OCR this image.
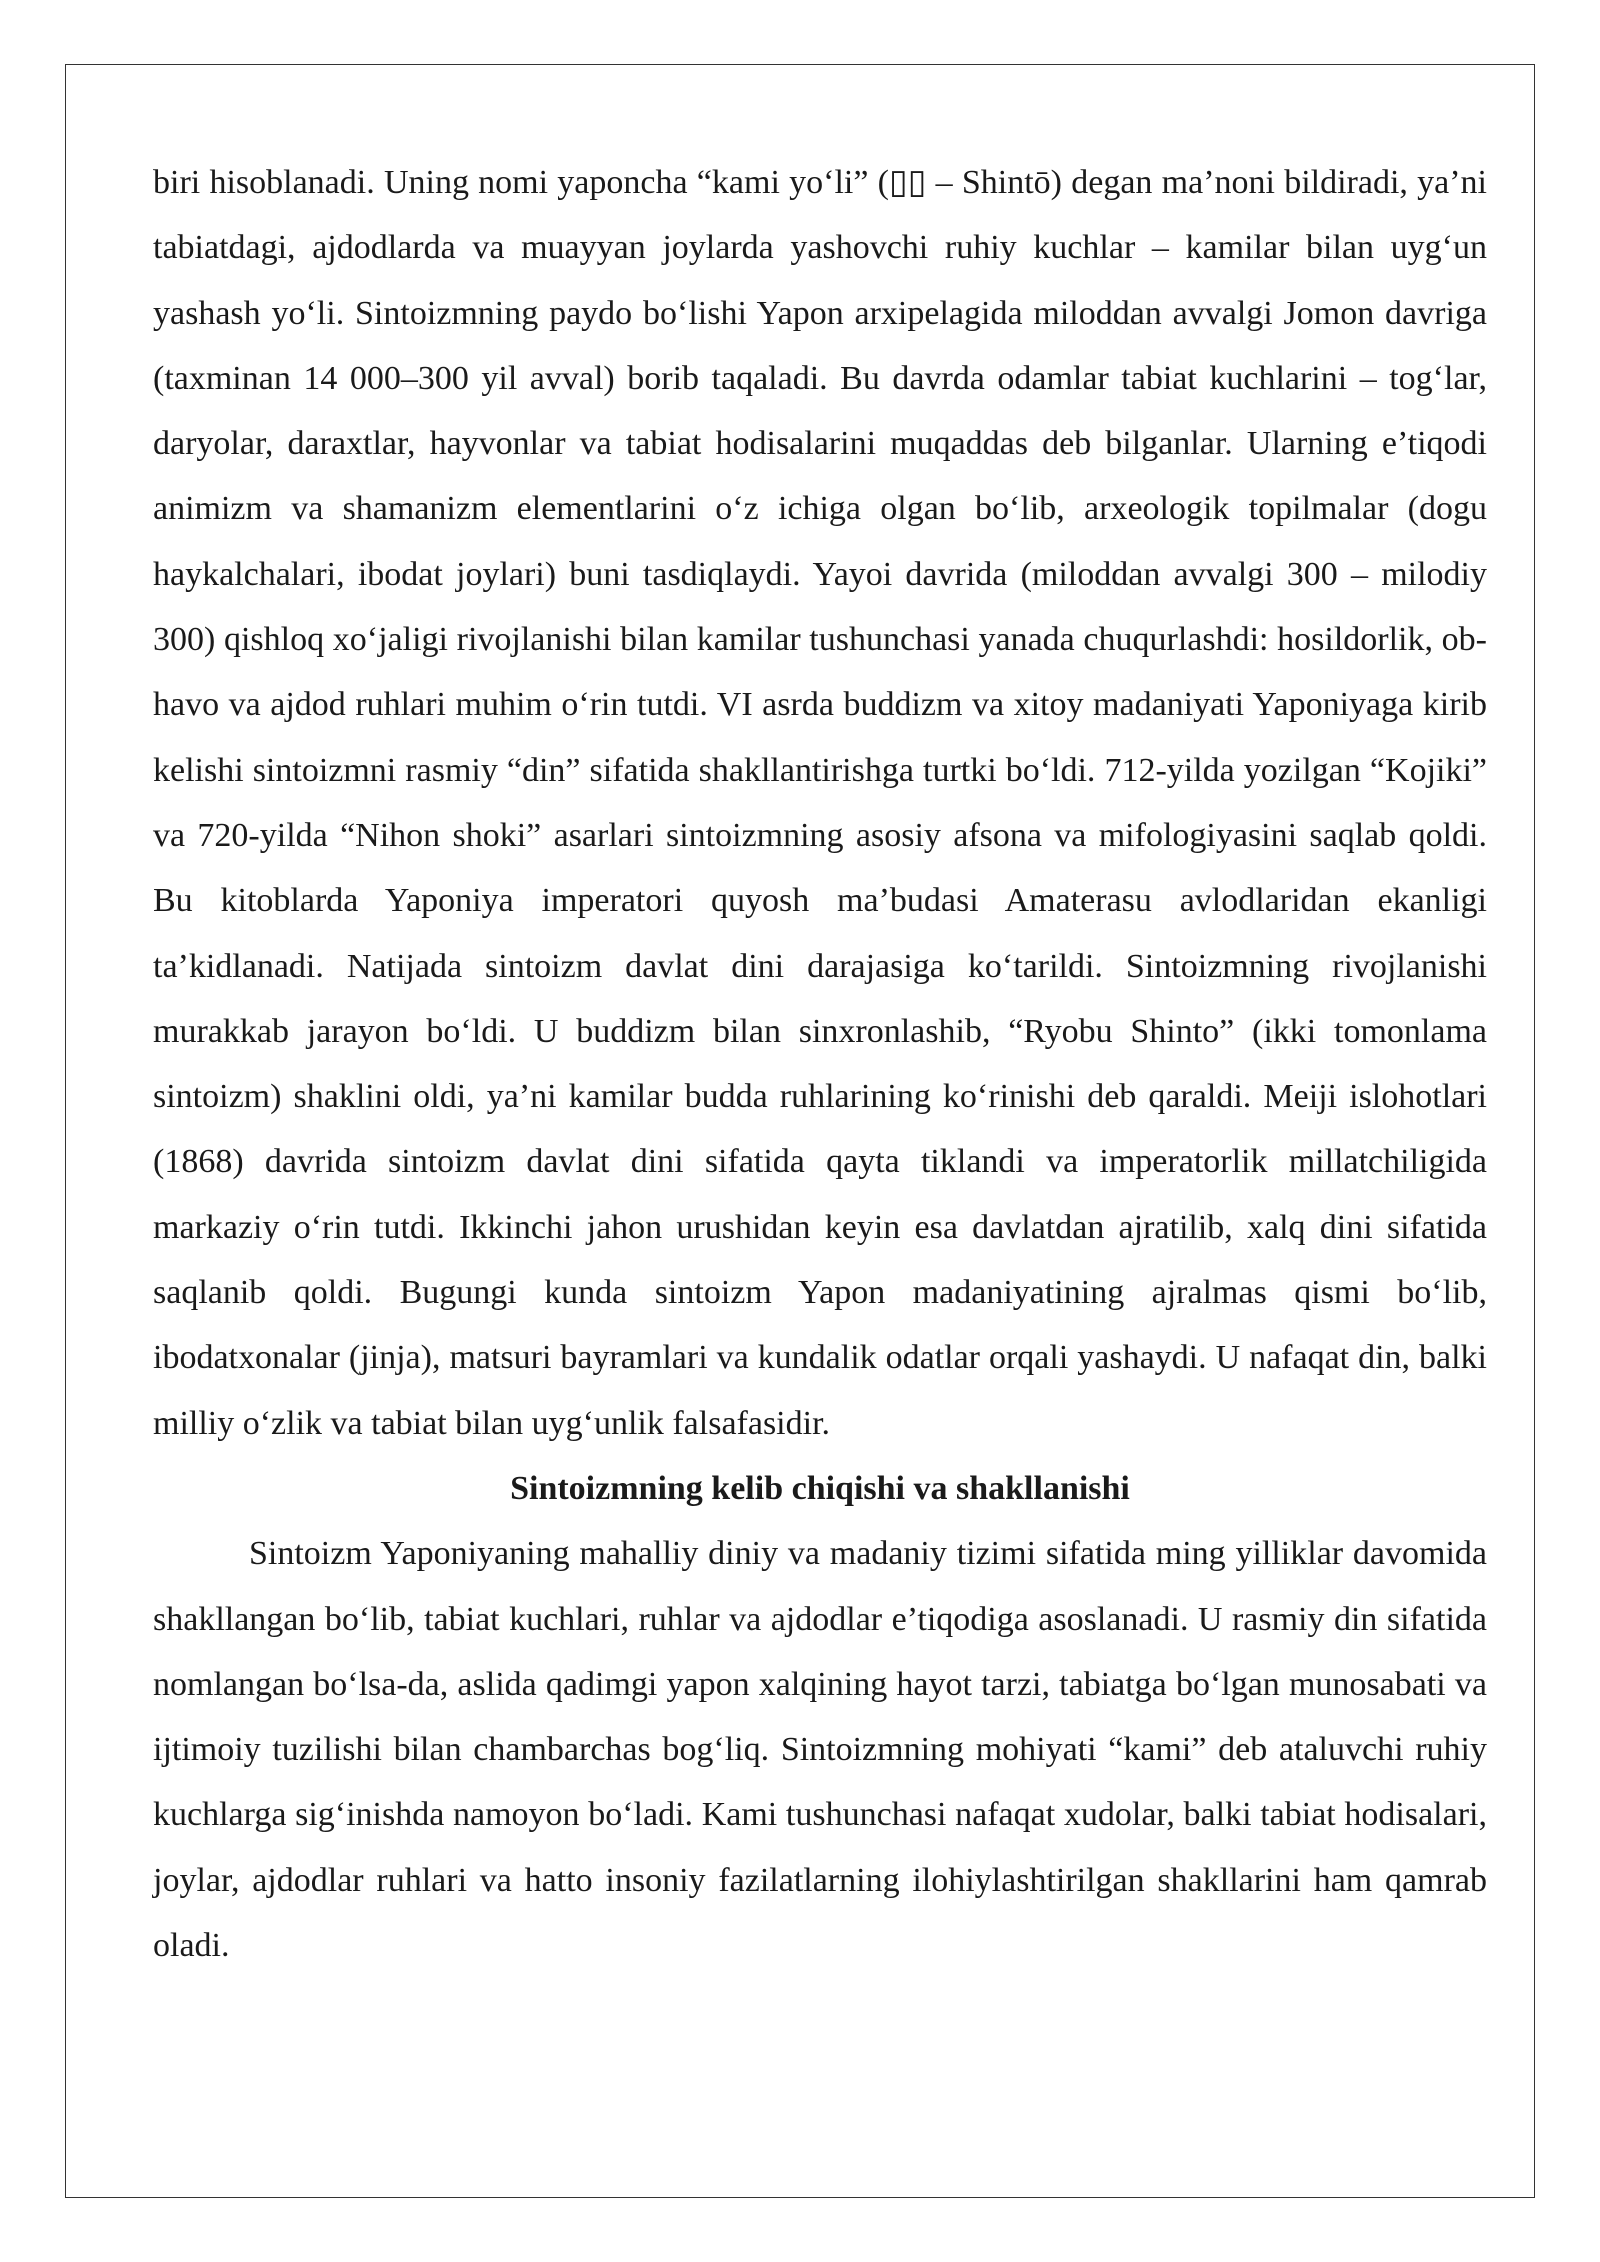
biri hisoblanadi. Uning nomi yaponcha “kami yo‘li” (▯▯ – Shintō) degan ma’noni bildiradi, ya’ni tabiatdagi, ajdodlarda va muayyan joylarda yashovchi ruhiy kuchlar – kamilar bilan uyg‘un yashash yo‘li. Sintoizmning paydo bo‘lishi Yapon arxipelagida miloddan avvalgi Jomon davriga (taxminan 14 000–300 yil avval) borib taqaladi. Bu davrda odamlar tabiat kuchlarini – tog‘lar, daryolar, daraxtlar, hayvonlar va tabiat hodisalarini muqaddas deb bilganlar. Ularning e’tiqodi animizm va shamanizm elementlarini o‘z ichiga olgan bo‘lib, arxeologik topilmalar (dogu haykalchalari, ibodat joylari) buni tasdiqlaydi. Yayoi davrida (miloddan avvalgi 300 – milodiy 300) qishloq xo‘jaligi rivojlanishi bilan kamilar tushunchasi yanada chuqurlashdi: hosildorlik, ob-havo va ajdod ruhlari muhim o‘rin tutdi. VI asrda buddizm va xitoy madaniyati Yaponiyaga kirib kelishi sintoizmni rasmiy “din” sifatida shakllantirishga turtki bo‘ldi. 712-yilda yozilgan “Kojiki” va 720-yilda “Nihon shoki” asarlari sintoizmning asosiy afsona va mifologiyasini saqlab qoldi. Bu kitoblarda Yaponiya imperatori quyosh ma’budasi Amaterasu avlodlaridan ekanligi ta’kidlanadi. Natijada sintoizm davlat dini darajasiga ko‘tarildi. Sintoizmning rivojlanishi murakkab jarayon bo‘ldi. U buddizm bilan sinxronlashib, “Ryobu Shinto” (ikki tomonlama sintoizm) shaklini oldi, ya’ni kamilar budda ruhlarining ko‘rinishi deb qaraldi. Meiji islohotlari (1868) davrida sintoizm davlat dini sifatida qayta tiklandi va imperatorlik millatchiligida markaziy o‘rin tutdi. Ikkinchi jahon urushidan keyin esa davlatdan ajratilib, xalq dini sifatida saqlanib qoldi. Bugungi kunda sintoizm Yapon madaniyatining ajralmas qismi bo‘lib, ibodatxonalar (jinja), matsuri bayramlari va kundalik odatlar orqali yashaydi. U nafaqat din, balki milliy o‘zlik va tabiat bilan uyg‘unlik falsafasidir.

Sintoizmning kelib chiqishi va shakllanishi

Sintoizm Yaponiyaning mahalliy diniy va madaniy tizimi sifatida ming yilliklar davomida shakllangan bo‘lib, tabiat kuchlari, ruhlar va ajdodlar e’tiqodiga asoslanadi. U rasmiy din sifatida nomlangan bo‘lsa-da, aslida qadimgi yapon xalqining hayot tarzi, tabiatga bo‘lgan munosabati va ijtimoiy tuzilishi bilan chambarchas bog‘liq. Sintoizmning mohiyati “kami” deb ataluvchi ruhiy kuchlarga sig‘inishda namoyon bo‘ladi. Kami tushunchasi nafaqat xudolar, balki tabiat hodisalari, joylar, ajdodlar ruhlari va hatto insoniy fazilatlarning ilohiylashtirilgan shakllarini ham qamrab oladi.
